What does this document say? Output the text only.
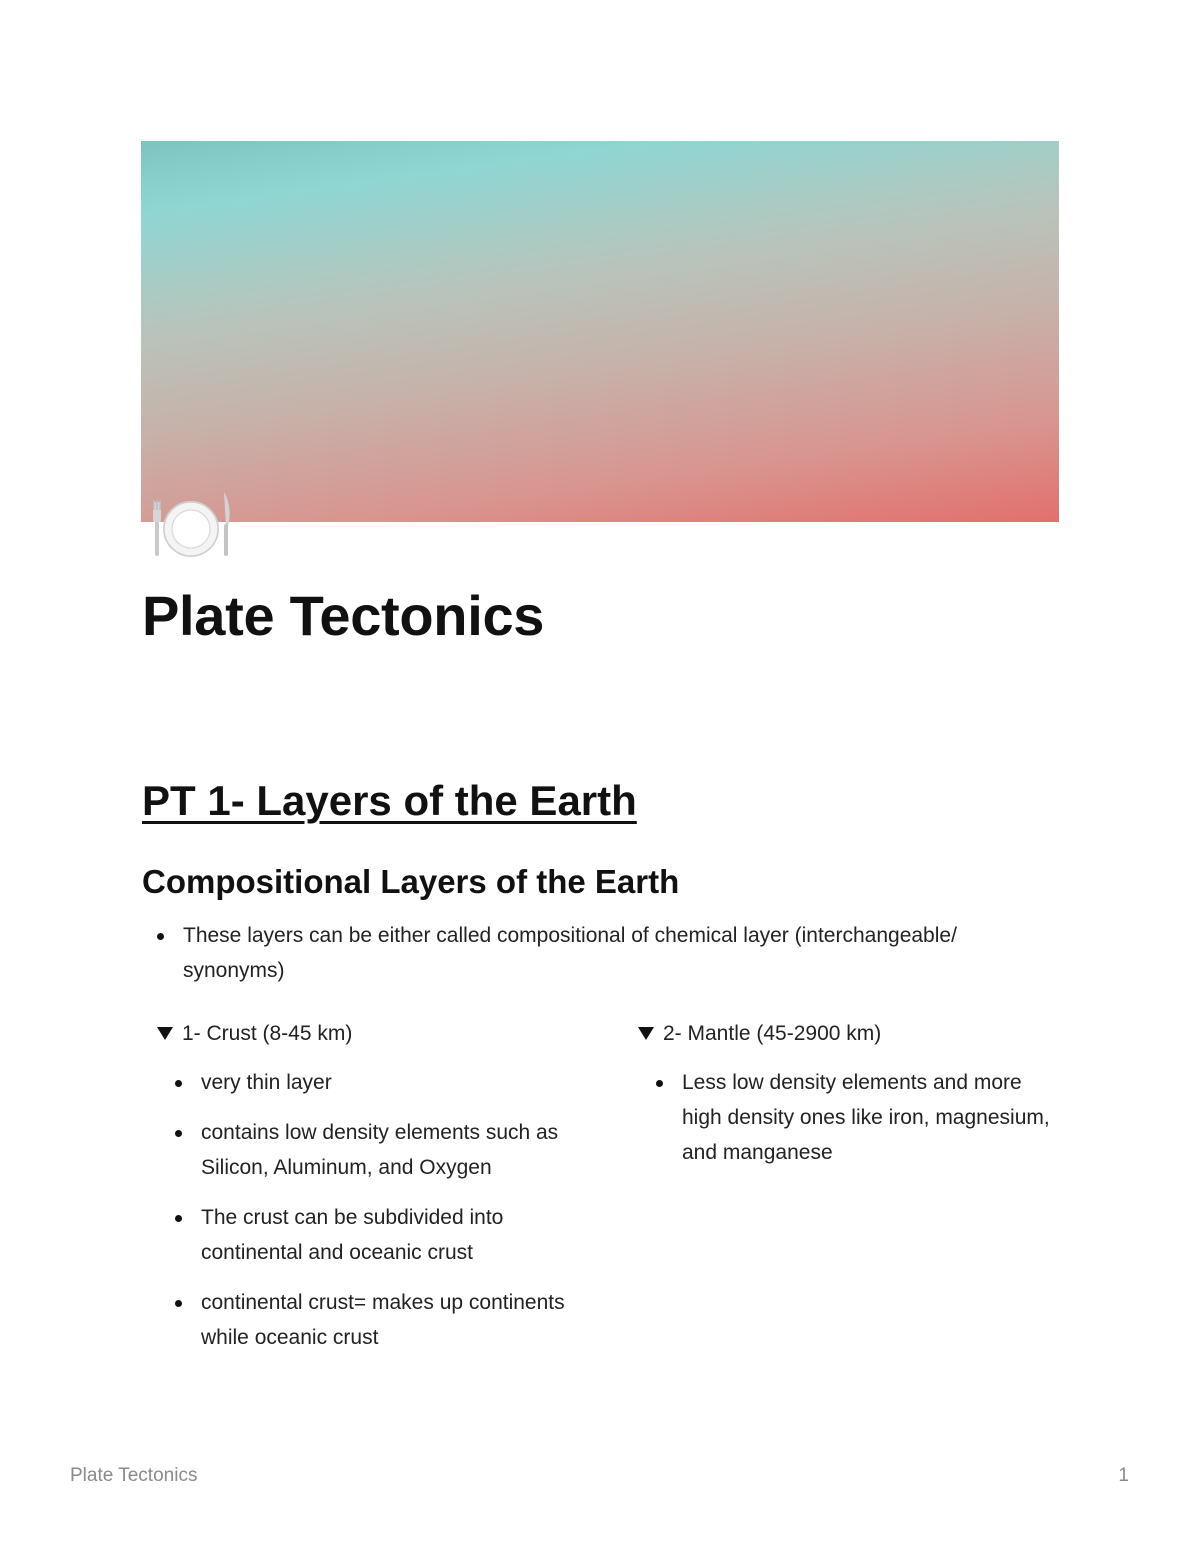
Plate Tectonics
PT 1- Layers of the Earth
Compositional Layers of the Earth
These layers can be either called compositional of chemical layer (interchangeable/ synonyms)
1- Crust (8-45 km)
very thin layer
contains low density elements such as Silicon, Aluminum, and Oxygen
The crust can be subdivided into continental and oceanic crust
continental crust= makes up continents while oceanic crust
2- Mantle (45-2900 km)
Less low density elements and more high density ones like iron, magnesium, and manganese
Plate Tectonics	1
